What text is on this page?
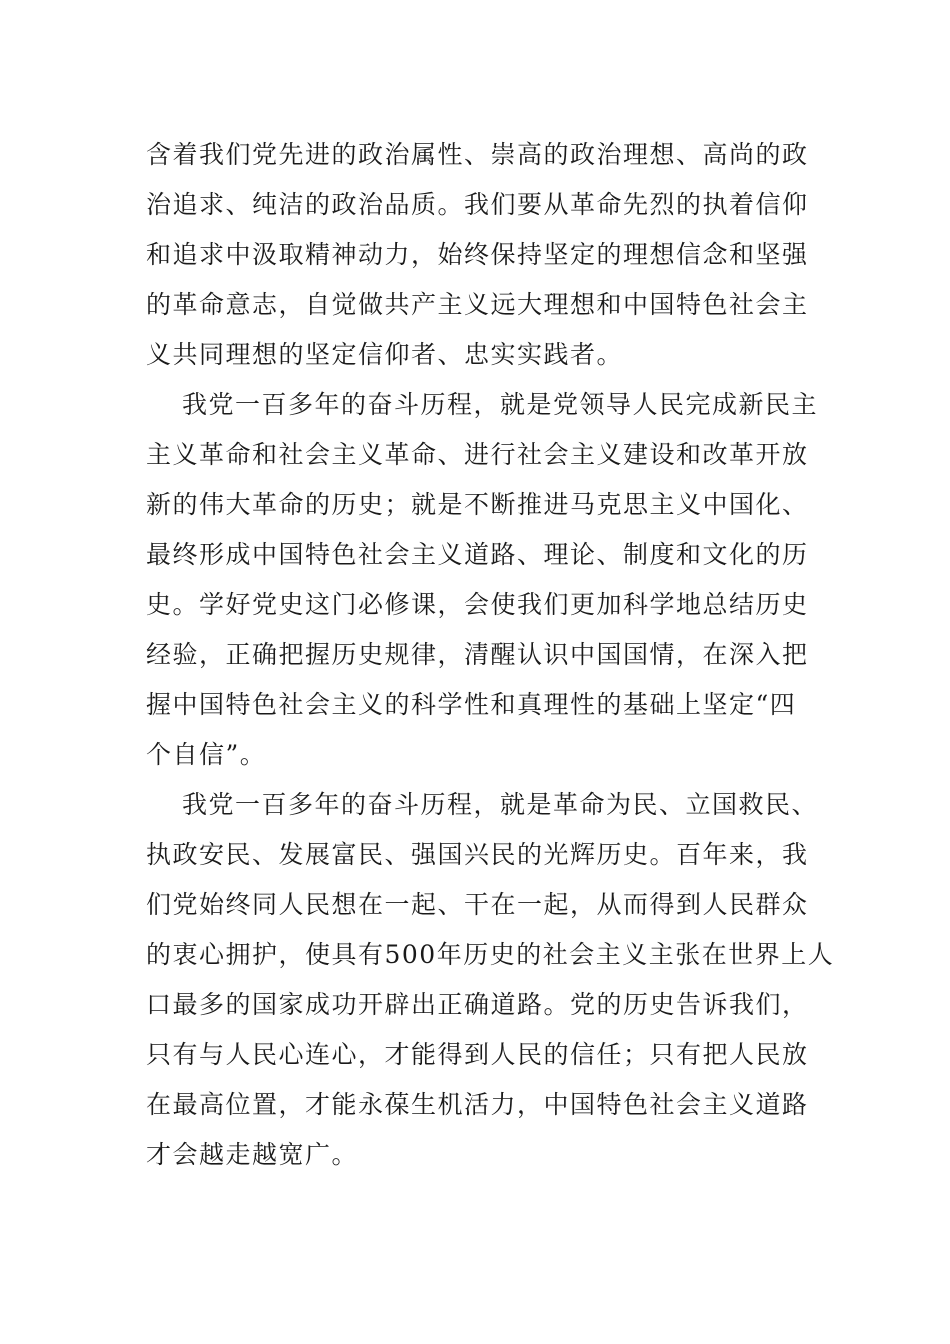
含着我们党先进的政治属性、崇高的政治理想、高尚的政
治追求、纯洁的政治品质。我们要从革命先烈的执着信仰
和追求中汲取精神动力，始终保持坚定的理想信念和坚强
的革命意志，自觉做共产主义远大理想和中国特色社会主
义共同理想的坚定信仰者、忠实实践者。
我党一百多年的奋斗历程，就是党领导人民完成新民主
主义革命和社会主义革命、进行社会主义建设和改革开放
新的伟大革命的历史；就是不断推进马克思主义中国化、
最终形成中国特色社会主义道路、理论、制度和文化的历
史。学好党史这门必修课，会使我们更加科学地总结历史
经验，正确把握历史规律，清醒认识中国国情，在深入把
握中国特色社会主义的科学性和真理性的基础上坚定“四
个自信”。
我党一百多年的奋斗历程，就是革命为民、立国救民、
执政安民、发展富民、强国兴民的光辉历史。百年来，我
们党始终同人民想在一起、干在一起，从而得到人民群众
的衷心拥护，使具有500年历史的社会主义主张在世界上人
口最多的国家成功开辟出正确道路。党的历史告诉我们，
只有与人民心连心，才能得到人民的信任；只有把人民放
在最高位置，才能永葆生机活力，中国特色社会主义道路
才会越走越宽广。
